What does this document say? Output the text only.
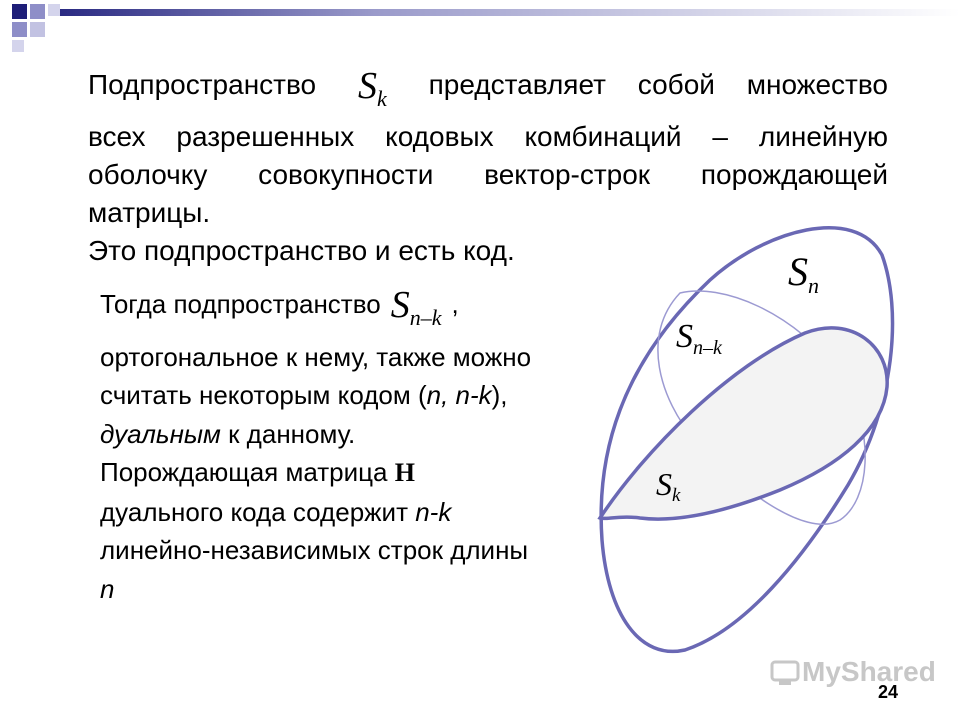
Подпространство $S_k$ представляет собой множество
всех разрешенных кодовых комбинаций – линейную
оболочку совокупности вектор-строк порождающей
матрицы.
Это подпространство и есть код.
Тогда подпространство $S_{n-k}$ , ортогональное к нему, также можно считать некоторым кодом (n, n-k), дуальным к данному. Порождающая матрица H дуального кода содержит n-k линейно-независимых строк длины n
$S_n$
$S_{n-k}$
Sk
MyShared
24
